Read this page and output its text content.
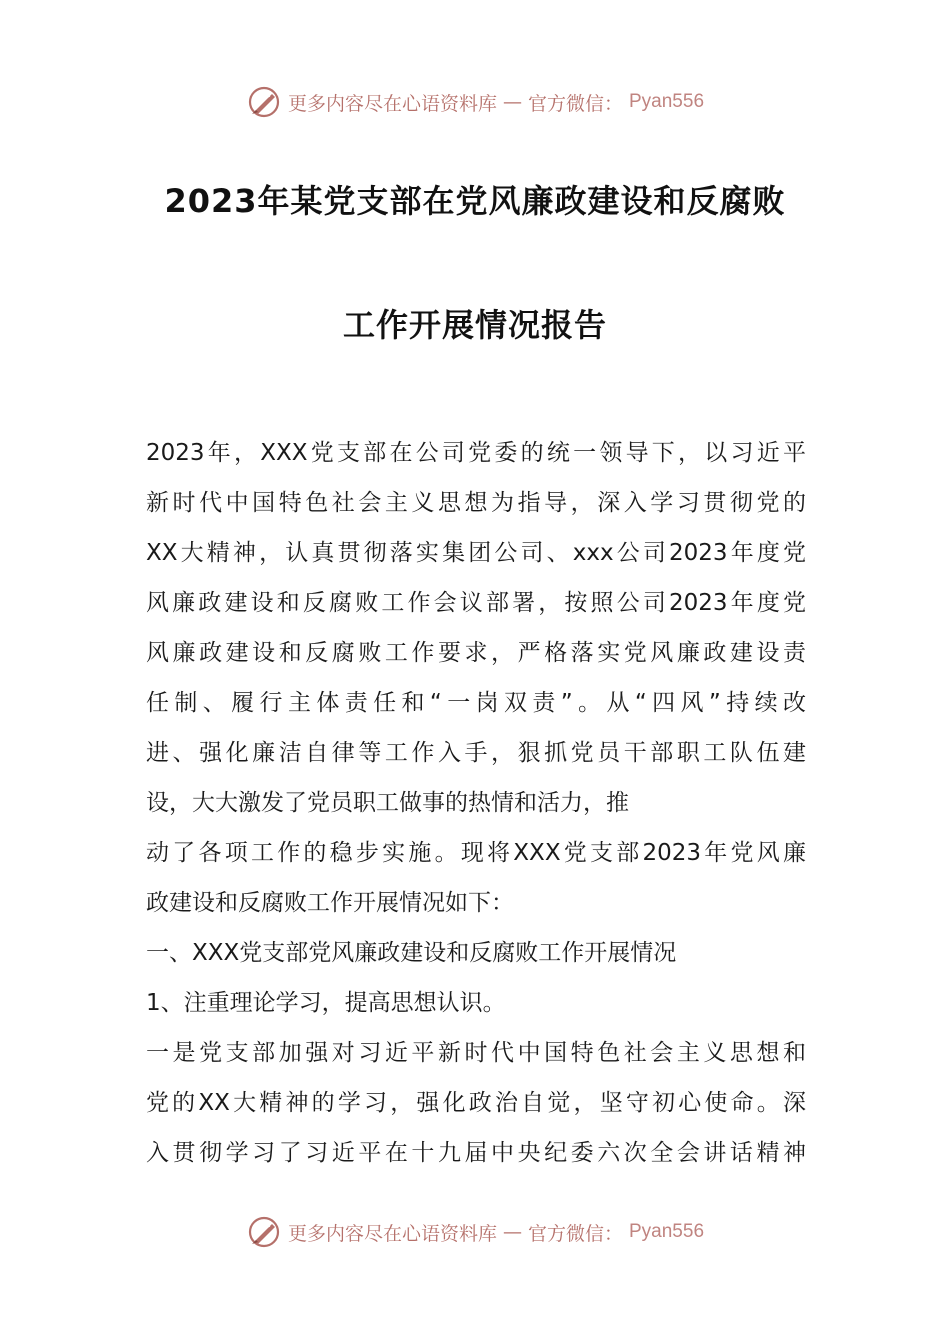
更多内容尽在心语资料库 — 官方微信： Pyan556
2023年某党支部在党风廉政建设和反腐败
工作开展情况报告
2023年，XXX党支部在公司党委的统一领导下，以习近平
新时代中国特色社会主义思想为指导，深入学习贯彻党的
XX大精神，认真贯彻落实集团公司、xxx公司2023年度党
风廉政建设和反腐败工作会议部署，按照公司2023年度党
风廉政建设和反腐败工作要求，严格落实党风廉政建设责
任制、履行主体责任和“一岗双责”。从“四风”持续改
进、强化廉洁自律等工作入手，狠抓党员干部职工队伍建
设，大大激发了党员职工做事的热情和活力，推
动了各项工作的稳步实施。现将XXX党支部2023年党风廉
政建设和反腐败工作开展情况如下：
一、XXX党支部党风廉政建设和反腐败工作开展情况
1、注重理论学习，提高思想认识。
一是党支部加强对习近平新时代中国特色社会主义思想和
党的XX大精神的学习，强化政治自觉，坚守初心使命。深
入贯彻学习了习近平在十九届中央纪委六次全会讲话精神
更多内容尽在心语资料库 — 官方微信： Pyan556
